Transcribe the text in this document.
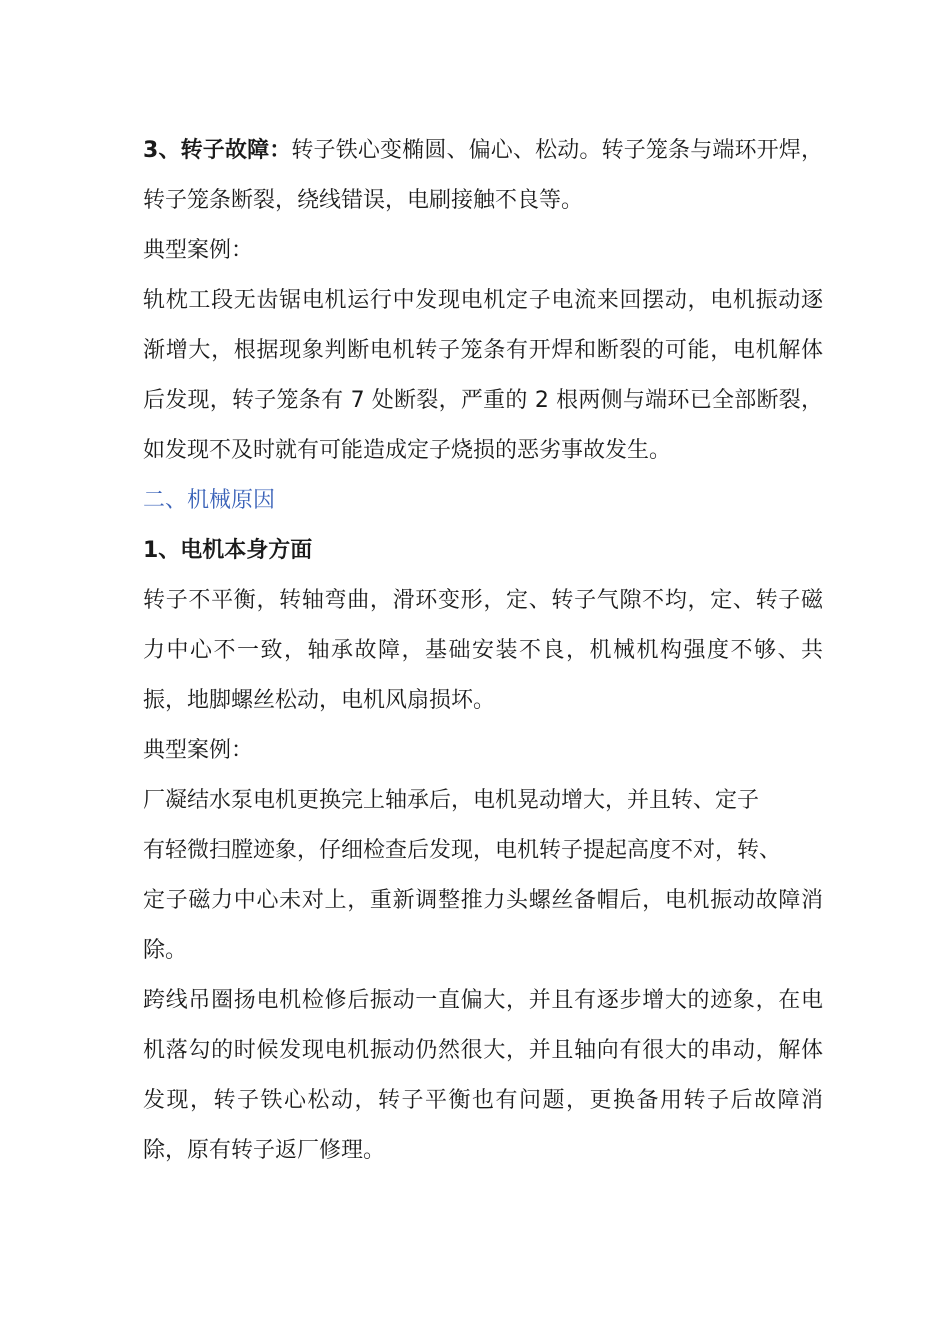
3、转子故障：转子铁心变椭圆、偏心、松动。转子笼条与端环开焊，转子笼条断裂，绕线错误，电刷接触不良等。

典型案例：

轨枕工段无齿锯电机运行中发现电机定子电流来回摆动，电机振动逐渐增大，根据现象判断电机转子笼条有开焊和断裂的可能，电机解体后发现，转子笼条有 7 处断裂，严重的 2 根两侧与端环已全部断裂，如发现不及时就有可能造成定子烧损的恶劣事故发生。

二、机械原因

1、电机本身方面

转子不平衡，转轴弯曲，滑环变形，定、转子气隙不均，定、转子磁力中心不一致，轴承故障，基础安装不良，机械机构强度不够、共振，地脚螺丝松动，电机风扇损坏。

典型案例：

厂凝结水泵电机更换完上轴承后，电机晃动增大，并且转、定子

有轻微扫膛迹象，仔细检查后发现，电机转子提起高度不对，转、

定子磁力中心未对上，重新调整推力头螺丝备帽后，电机振动故障消除。

跨线吊圈扬电机检修后振动一直偏大，并且有逐步增大的迹象，在电机落勾的时候发现电机振动仍然很大，并且轴向有很大的串动，解体发现，转子铁心松动，转子平衡也有问题，更换备用转子后故障消除，原有转子返厂修理。
